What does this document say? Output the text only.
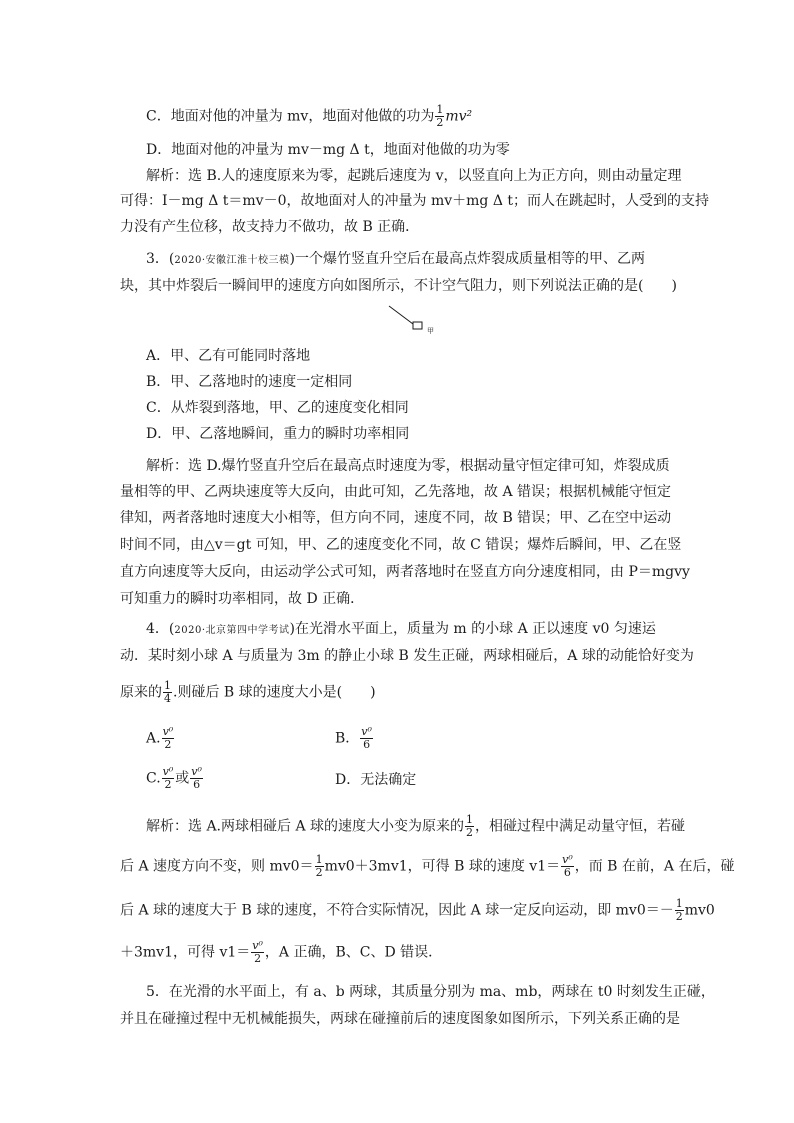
C．地面对他的冲量为 mv，地面对他做的功为 $\frac{1}{2} mv^2$
D．地面对他的冲量为 mv－mg Δ t，地面对他做的功为零
解析：选 B.人的速度原来为零，起跳后速度为 v，以竖直向上为正方向，则由动量定理
可得：I－mg Δ t＝mv－0，故地面对人的冲量为 mv＋mg Δ t；而人在跳起时，人受到的支持
力没有产生位移，故支持力不做功，故 B 正确．
3．(2020·安徽江淮十校三模)一个爆竹竖直升空后在最高点炸裂成质量相等的甲、乙两
块，其中炸裂后一瞬间甲的速度方向如图所示，不计空气阻力，则下列说法正确的是(　　)
甲
A．甲、乙有可能同时落地
B．甲、乙落地时的速度一定相同
C．从炸裂到落地，甲、乙的速度变化相同
D．甲、乙落地瞬间，重力的瞬时功率相同
解析：选 D.爆竹竖直升空后在最高点时速度为零，根据动量守恒定律可知，炸裂成质
量相等的甲、乙两块速度等大反向，由此可知，乙先落地，故 A 错误；根据机械能守恒定
律知，两者落地时速度大小相等，但方向不同，速度不同，故 B 错误；甲、乙在空中运动
时间不同，由△v＝gt 可知，甲、乙的速度变化不同，故 C 错误；爆炸后瞬间，甲、乙在竖
直方向速度等大反向，由运动学公式可知，两者落地时在竖直方向分速度相同，由 P＝mgvy
可知重力的瞬时功率相同，故 D 正确．
4．(2020·北京第四中学考试)在光滑水平面上，质量为 m 的小球 A 正以速度 v0 匀速运
动．某时刻小球 A 与质量为 3m 的静止小球 B 发生正碰，两球相碰后，A 球的动能恰好变为
原来的 $\frac{1}{4}$ .则碰后 B 球的速度大小是(　　)
A. $\frac{\text{v⁰}}{2}$	B． $\frac{\text{v⁰}}{6}$
C. $\frac{\text{v⁰}}{2}$ 或 $\frac{\text{v⁰}}{6}$	D．无法确定
解析：选 A.两球相碰后 A 球的速度大小变为原来的 $\frac{1}{2}$ ，相碰过程中满足动量守恒，若碰
后 A 速度方向不变，则 $mv0= \frac{1}{2} mv0+3mv1$，可得 B 球的速度 $v1= \frac{\text{v⁰}}{6}$ ，而 B 在前，A 在后，碰
后 A 球的速度大于 B 球的速度，不符合实际情况，因此 A 球一定反向运动，即 $mv0=- \frac{1}{2} mv0$
＋3mv1，可得 $v1= \frac{\text{v⁰}}{2}$ ，A 正确，B、C、D 错误．
5．在光滑的水平面上，有 a、b 两球，其质量分别为 ma、mb，两球在 t0 时刻发生正碰，
并且在碰撞过程中无机械能损失，两球在碰撞前后的速度图象如图所示，下列关系正确的是
